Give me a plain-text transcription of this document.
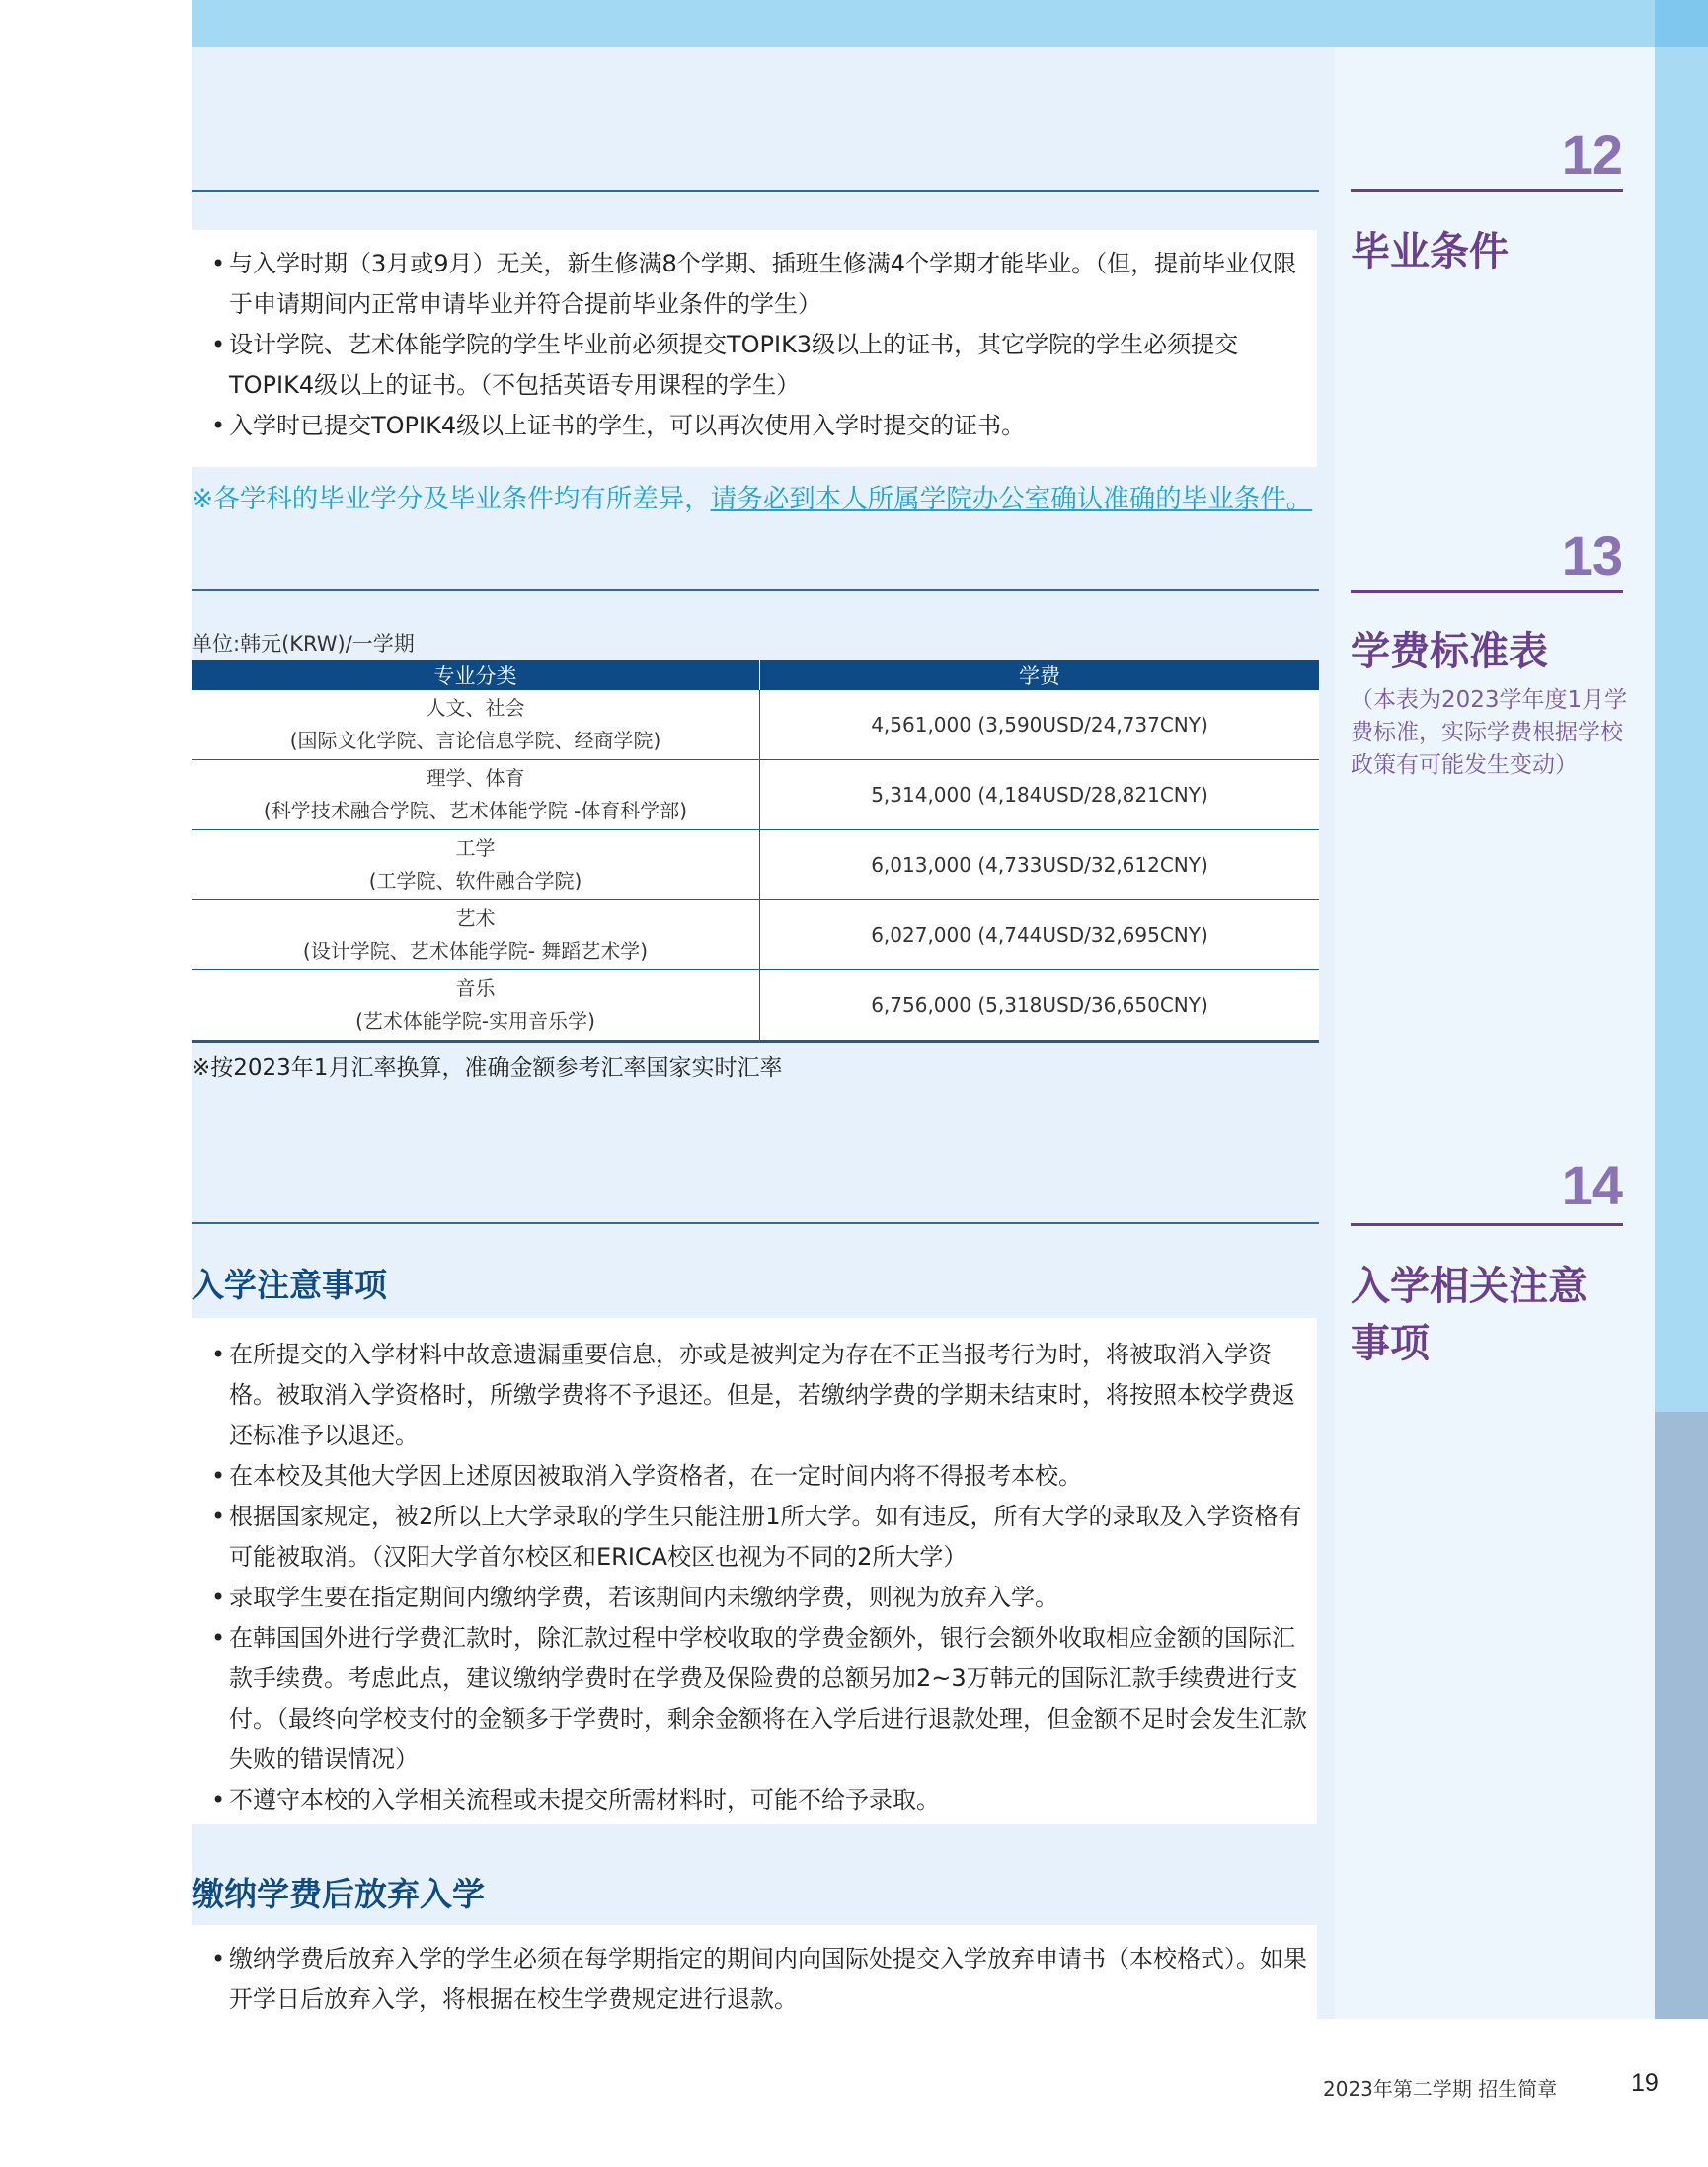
12
毕业条件
• 与入学时期（3月或9月）无关，新生修满8个学期、插班生修满4个学期才能毕业。（但，提前毕业仅限于申请期间内正常申请毕业并符合提前毕业条件的学生）
• 设计学院、艺术体能学院的学生毕业前必须提交TOPIK3级以上的证书，其它学院的学生必须提交TOPIK4级以上的证书。（不包括英语专用课程的学生）
• 入学时已提交TOPIK4级以上证书的学生，可以再次使用入学时提交的证书。
※各学科的毕业学分及毕业条件均有所差异，请务必到本人所属学院办公室确认准确的毕业条件。
13
学费标准表
（本表为2023学年度1月学费标准，实际学费根据学校政策有可能发生变动）
单位:韩元(KRW)/一学期
专业分类	学费

人文、社会
(国际文化学院、言论信息学院、经商学院)	4,561,000 (3,590USD/24,737CNY)

理学、体育
(科学技术融合学院、艺术体能学院 -体育科学部)	5,314,000 (4,184USD/28,821CNY)

工学
(工学院、软件融合学院)	6,013,000 (4,733USD/32,612CNY)

艺术
(设计学院、艺术体能学院- 舞蹈艺术学)	6,027,000 (4,744USD/32,695CNY)

音乐
(艺术体能学院-实用音乐学)	6,756,000 (5,318USD/36,650CNY)
※按2023年1月汇率换算，准确金额参考汇率国家实时汇率
14
入学相关注意
事项
入学注意事项
• 在所提交的入学材料中故意遗漏重要信息，亦或是被判定为存在不正当报考行为时，将被取消入学资格。被取消入学资格时，所缴学费将不予退还。但是，若缴纳学费的学期未结束时，将按照本校学费返还标准予以退还。
• 在本校及其他大学因上述原因被取消入学资格者，在一定时间内将不得报考本校。
• 根据国家规定，被2所以上大学录取的学生只能注册1所大学。如有违反，所有大学的录取及入学资格有可能被取消。（汉阳大学首尔校区和ERICA校区也视为不同的2所大学）
• 录取学生要在指定期间内缴纳学费，若该期间内未缴纳学费，则视为放弃入学。
• 在韩国国外进行学费汇款时，除汇款过程中学校收取的学费金额外，银行会额外收取相应金额的国际汇款手续费。考虑此点，建议缴纳学费时在学费及保险费的总额另加2~3万韩元的国际汇款手续费进行支付。（最终向学校支付的金额多于学费时，剩余金额将在入学后进行退款处理，但金额不足时会发生汇款失败的错误情况）
• 不遵守本校的入学相关流程或未提交所需材料时，可能不给予录取。
缴纳学费后放弃入学
• 缴纳学费后放弃入学的学生必须在每学期指定的期间内向国际处提交入学放弃申请书（本校格式）。如果开学日后放弃入学，将根据在校生学费规定进行退款。
2023年第二学期 招生简章	19
